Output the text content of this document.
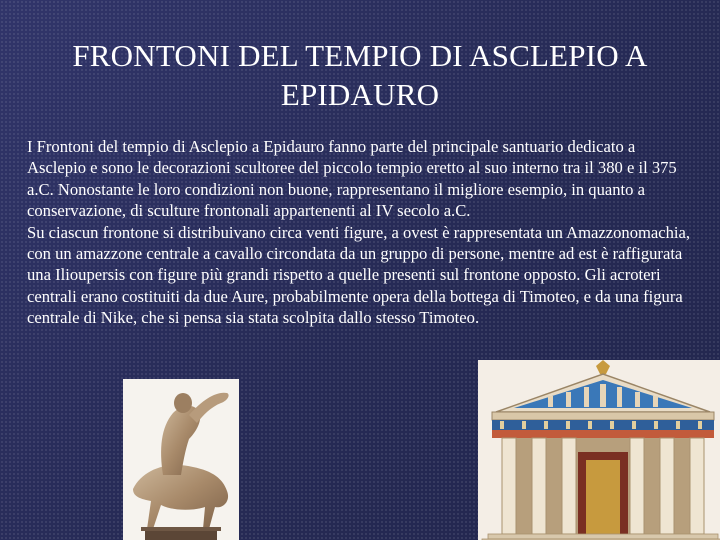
FRONTONI DEL TEMPIO DI ASCLEPIO A EPIDAURO

I Frontoni del tempio di Asclepio a Epidauro fanno parte del principale santuario dedicato a Asclepio e sono le decorazioni scultoree del piccolo tempio eretto al suo interno tra il 380 e il 375 a.C. Nonostante le loro condizioni non buone, rappresentano il migliore esempio, in quanto a conservazione, di sculture frontonali appartenenti al IV secolo a.C.

Su ciascun frontone si distribuivano circa venti figure, a ovest è rappresentata un Amazzonomachia, con un amazzone centrale a cavallo circondata da un gruppo di persone, mentre ad est è raffigurata una Ilioupersis con figure più grandi rispetto a quelle presenti sul frontone opposto. Gli acroteri centrali erano costituiti da due Aure, probabilmente opera della bottega di Timoteo, e da una figura centrale di Nike, che si pensa sia stata scolpita dallo stesso Timoteo.
